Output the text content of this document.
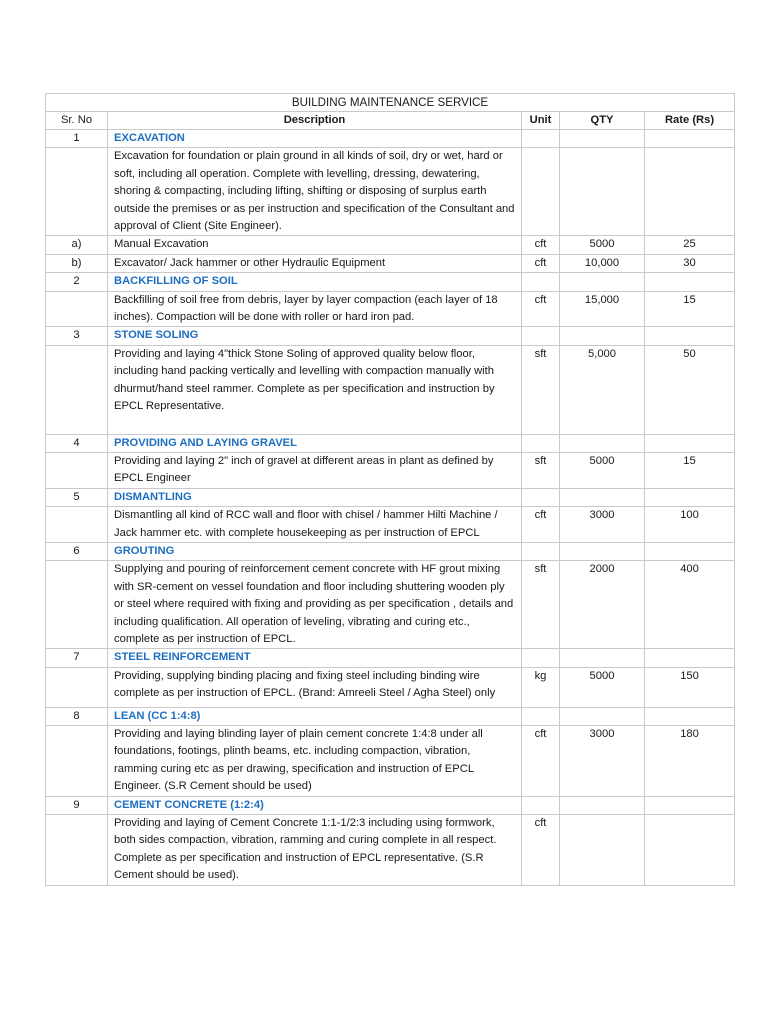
BUILDING MAINTENANCE SERVICE				
Sr. No	Description	Unit	QTY	Rate (Rs)
1	EXCAVATION			
	Excavation for foundation or plain ground in all kinds of soil, dry or wet, hard or soft, including all operation. Complete with levelling, dressing, dewatering, shoring & compacting, including lifting, shifting or disposing of surplus earth outside the premises or as per instruction and specification of the Consultant and approval of Client (Site Engineer).			
a)	Manual Excavation	cft	5000	25
b)	Excavator/ Jack hammer or other Hydraulic Equipment	cft	10,000	30
2	BACKFILLING OF SOIL			
	Backfilling of soil free from debris, layer by layer compaction (each layer of 18 inches). Compaction will be done with roller or hard iron pad.	cft	15,000	15
3	STONE SOLING			
	Providing and laying 4"thick Stone Soling of approved quality below floor, including hand packing vertically and levelling with compaction manually with dhurmut/hand steel rammer. Complete as per specification and instruction by EPCL Representative.	sft	5,000	50
4	PROVIDING AND LAYING GRAVEL			
	Providing and laying 2" inch of gravel at different areas in plant as defined by EPCL Engineer	sft	5000	15
5	DISMANTLING			
	Dismantling all kind of RCC wall and floor with chisel / hammer Hilti Machine / Jack hammer etc. with complete housekeeping as per instruction of EPCL	cft	3000	100
6	GROUTING			
	Supplying and pouring of reinforcement cement concrete with HF grout mixing with SR-cement on vessel foundation and floor including shuttering wooden ply or steel where required with fixing and providing as per specification , details and including qualification. All operation of leveling, vibrating and curing etc., complete as per instruction of EPCL.	sft	2000	400
7	STEEL REINFORCEMENT			
	Providing, supplying binding placing and fixing steel including binding wire complete as per instruction of EPCL. (Brand: Amreeli Steel / Agha Steel) only	kg	5000	150
8	LEAN (CC 1:4:8)			
	Providing and laying blinding layer of plain cement concrete 1:4:8 under all foundations, footings, plinth beams, etc. including compaction, vibration, ramming curing etc as per drawing, specification and instruction of EPCL Engineer. (S.R Cement should be used)	cft	3000	180
9	CEMENT CONCRETE (1:2:4)			
	Providing and laying of Cement Concrete 1:1-1/2:3 including using formwork, both sides compaction, vibration, ramming and curing complete in all respect. Complete as per specification and instruction of EPCL representative. (S.R Cement should be used).	cft		
